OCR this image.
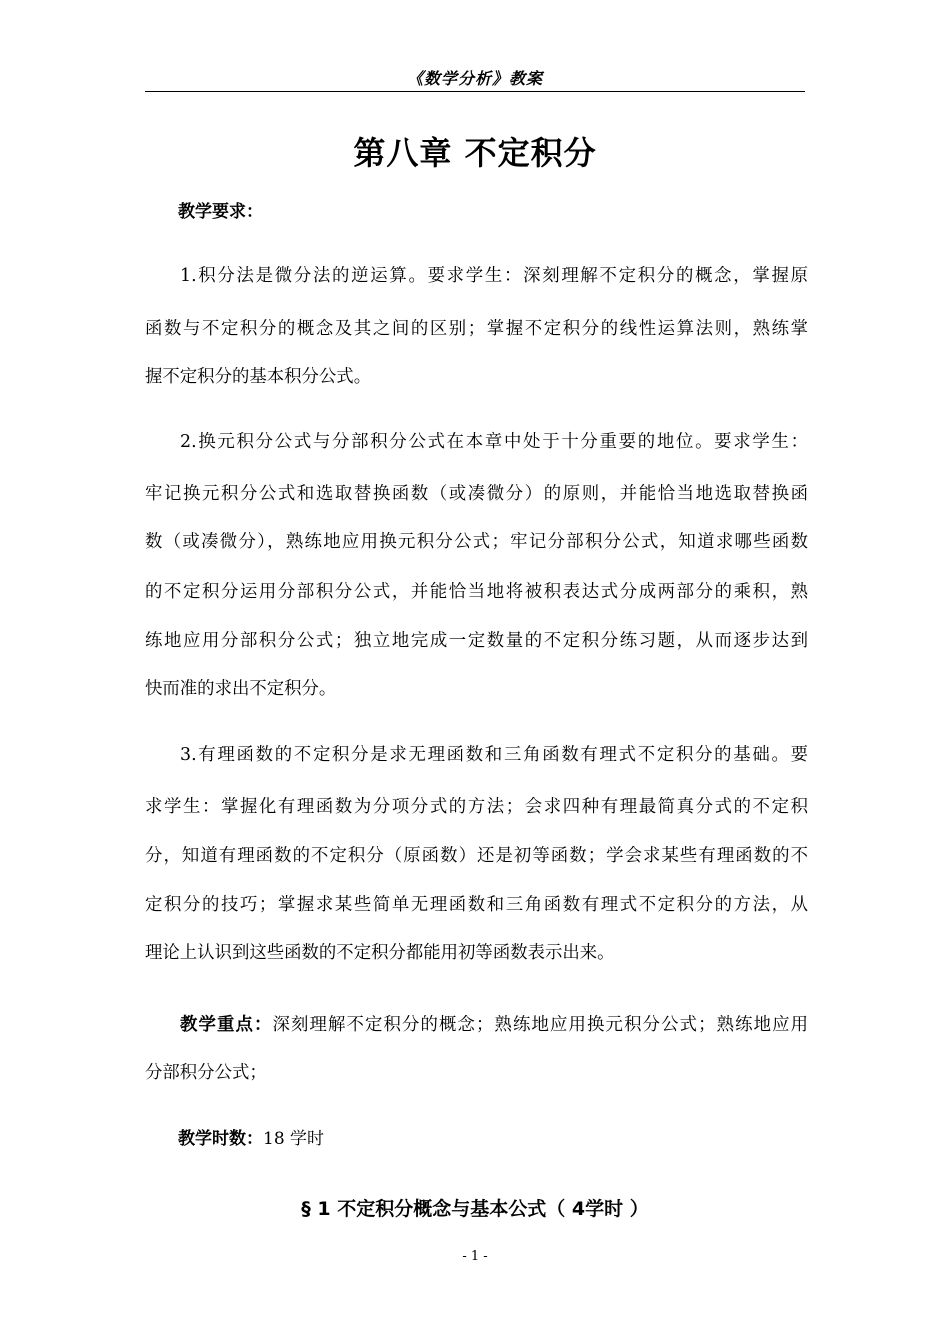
《数学分析》教案
第八章 不定积分
教学要求：
1.积分法是微分法的逆运算。要求学生：深刻理解不定积分的概念，掌握原
函数与不定积分的概念及其之间的区别；掌握不定积分的线性运算法则，熟练掌
握不定积分的基本积分公式。
2.换元积分公式与分部积分公式在本章中处于十分重要的地位。要求学生：
牢记换元积分公式和选取替换函数（或凑微分）的原则，并能恰当地选取替换函
数（或凑微分），熟练地应用换元积分公式；牢记分部积分公式，知道求哪些函数
的不定积分运用分部积分公式，并能恰当地将被积表达式分成两部分的乘积，熟
练地应用分部积分公式；独立地完成一定数量的不定积分练习题，从而逐步达到
快而准的求出不定积分。
3.有理函数的不定积分是求无理函数和三角函数有理式不定积分的基础。要
求学生：掌握化有理函数为分项分式的方法；会求四种有理最简真分式的不定积
分，知道有理函数的不定积分（原函数）还是初等函数；学会求某些有理函数的不
定积分的技巧；掌握求某些简单无理函数和三角函数有理式不定积分的方法，从
理论上认识到这些函数的不定积分都能用初等函数表示出来。
教学重点：深刻理解不定积分的概念；熟练地应用换元积分公式；熟练地应用
分部积分公式；
教学时数：18 学时
§ 1 不定积分概念与基本公式（ 4学时 ）
- 1 -
